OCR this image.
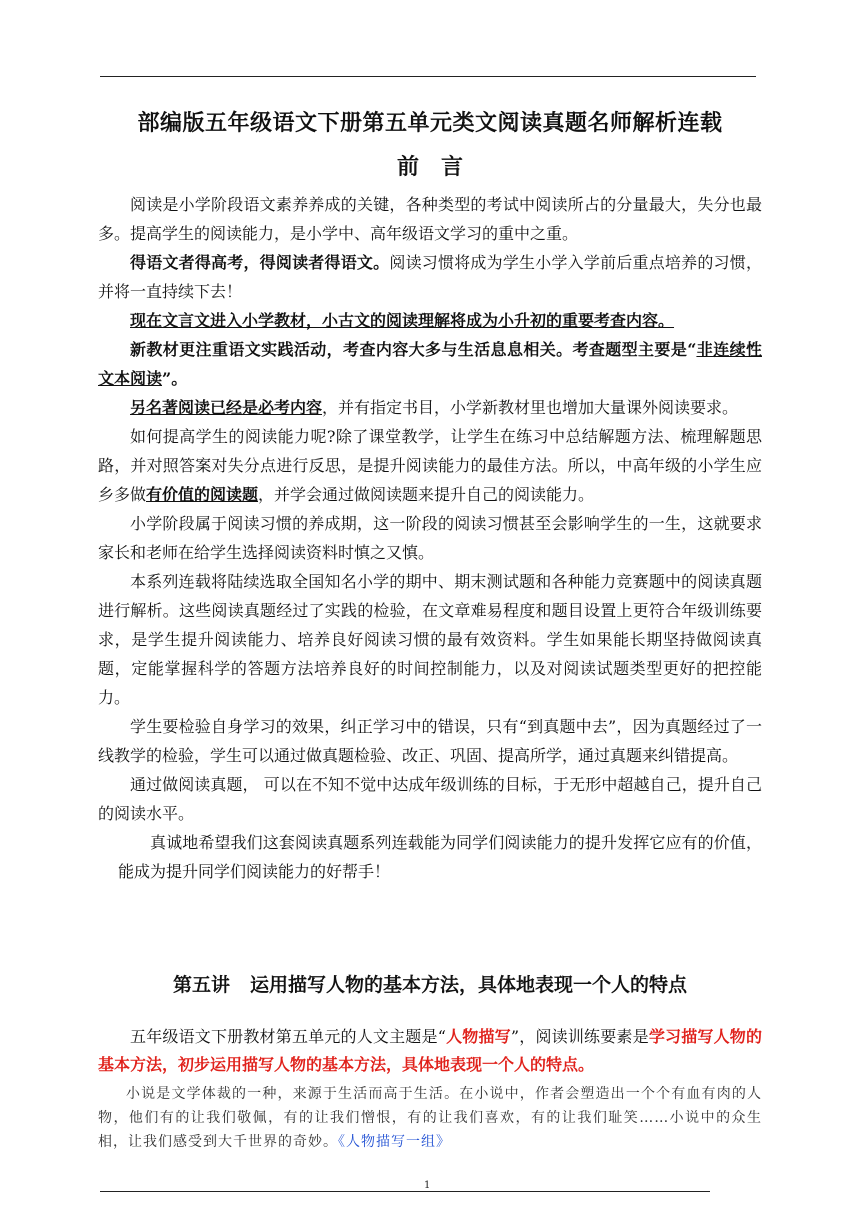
部编版五年级语文下册第五单元类文阅读真题名师解析连载
前言

阅读是小学阶段语文素养养成的关键，各种类型的考试中阅读所占的分量最大，失分也最多。提高学生的阅读能力，是小学中、高年级语文学习的重中之重。

得语文者得高考，得阅读者得语文。阅读习惯将成为学生小学入学前后重点培养的习惯，并将一直持续下去！

现在文言文进入小学教材，小古文的阅读理解将成为小升初的重要考查内容。

新教材更注重语文实践活动，考查内容大多与生活息息相关。考查题型主要是“非连续性文本阅读”。

另名著阅读已经是必考内容，并有指定书目，小学新教材里也增加大量课外阅读要求。

如何提高学生的阅读能力呢?除了课堂教学，让学生在练习中总结解题方法、梳理解题思路，并对照答案对失分点进行反思，是提升阅读能力的最佳方法。所以，中高年级的小学生应乡多做有价值的阅读题，并学会通过做阅读题来提升自己的阅读能力。

小学阶段属于阅读习惯的养成期，这一阶段的阅读习惯甚至会影响学生的一生，这就要求家长和老师在给学生选择阅读资料时慎之又慎。

本系列连载将陆续选取全国知名小学的期中、期末测试题和各种能力竞赛题中的阅读真题进行解析。这些阅读真题经过了实践的检验，在文章难易程度和题目设置上更符合年级训练要求，是学生提升阅读能力、培养良好阅读习惯的最有效资料。学生如果能长期坚持做阅读真题，定能掌握科学的答题方法培养良好的时间控制能力，以及对阅读试题类型更好的把控能力。

学生要检验自身学习的效果，纠正学习中的错误，只有“到真题中去”，因为真题经过了一线教学的检验，学生可以通过做真题检验、改正、巩固、提高所学，通过真题来纠错提高。

通过做阅读真题， 可以在不知不觉中达成年级训练的目标，于无形中超越自己，提升自己的阅读水平。

真诚地希望我们这套阅读真题系列连载能为同学们阅读能力的提升发挥它应有的价值，能成为提升同学们阅读能力的好帮手！

第五讲 运用描写人物的基本方法，具体地表现一个人的特点
五年级语文下册教材第五单元的人文主题是“人物描写”，阅读训练要素是学习描写人物的基本方法，初步运用描写人物的基本方法，具体地表现一个人的特点。
小说是文学体裁的一种，来源于生活而高于生活。在小说中，作者会塑造出一个个有血有肉的人物，他们有的让我们敬佩，有的让我们憎恨，有的让我们喜欢，有的让我们耻笑……小说中的众生相，让我们感受到大千世界的奇妙。《人物描写一组》
1
